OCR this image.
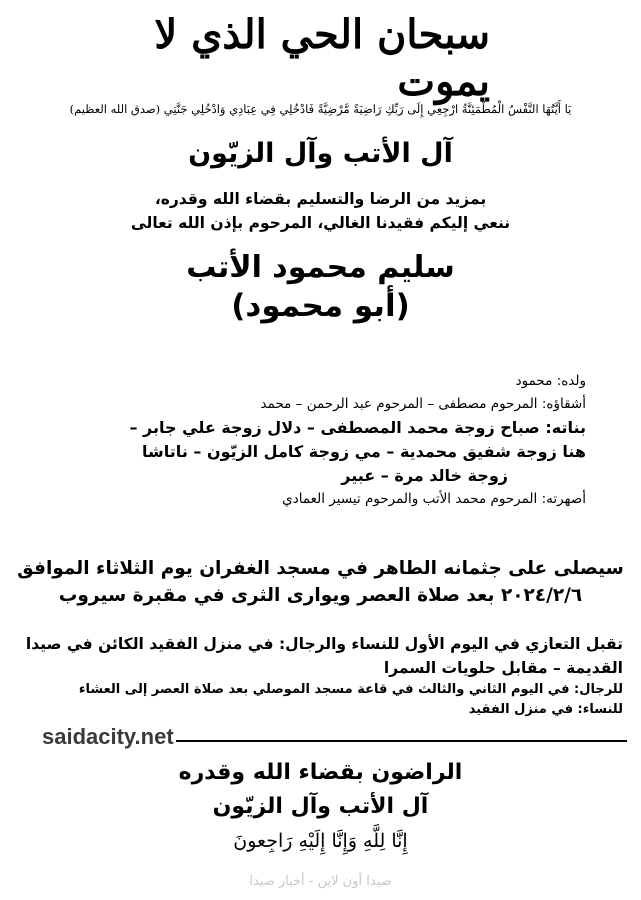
سبحان الحي الذي لا يموت
يَا أَيَّتُهَا النَّفْسُ الْمُطْمَئِنَّةُ ارْجِعِي إِلَى رَبِّكِ رَاضِيَةً مَّرْضِيَّةً فَادْخُلِي فِي عِبَادِي وَادْخُلِي جَنَّتِي (صدق الله العظيم)
آل الأتب وآل الزيّون
بمزيد من الرضا والتسليم بقضاء الله وقدره،
ننعي إليكم فقيدنا الغالي، المرحوم بإذن الله تعالى
سليم محمود الأتب
(أبو محمود)
ولده: محمود
أشقاؤه: المرحوم مصطفى – المرحوم عبد الرحمن – محمد
بناته: صباح زوجة محمد المصطفى – دلال زوجة علي جابر –
هنا زوجة شفيق محمدية – مي زوجة كامل الزيّون – ناتاشا
زوجة خالد مرة – عبير
أصهرته: المرحوم محمد الأتب والمرحوم تيسير العمادي
سيصلى على جثمانه الطاهر في مسجد الغفران يوم الثلاثاء الموافق
٢٠٢٤/٢/٦ بعد صلاة العصر ويوارى الثرى في مقبرة سيروب
تقبل التعازي في اليوم الأول للنساء والرجال: في منزل الفقيد الكائن في صيدا
القديمة – مقابل حلويات السمرا
للرجال: في اليوم الثاني والثالث في قاعة مسجد الموصلي بعد صلاة العصر إلى العشاء
للنساء: في منزل الفقيد
saidacity.net
الراضون بقضاء الله وقدره
آل الأتب وآل الزيّون
إِنَّا لِلَّهِ وَإِنَّا إِلَيْهِ رَاجِعونَ
صيدا أون لاين - أخبار صيدا
